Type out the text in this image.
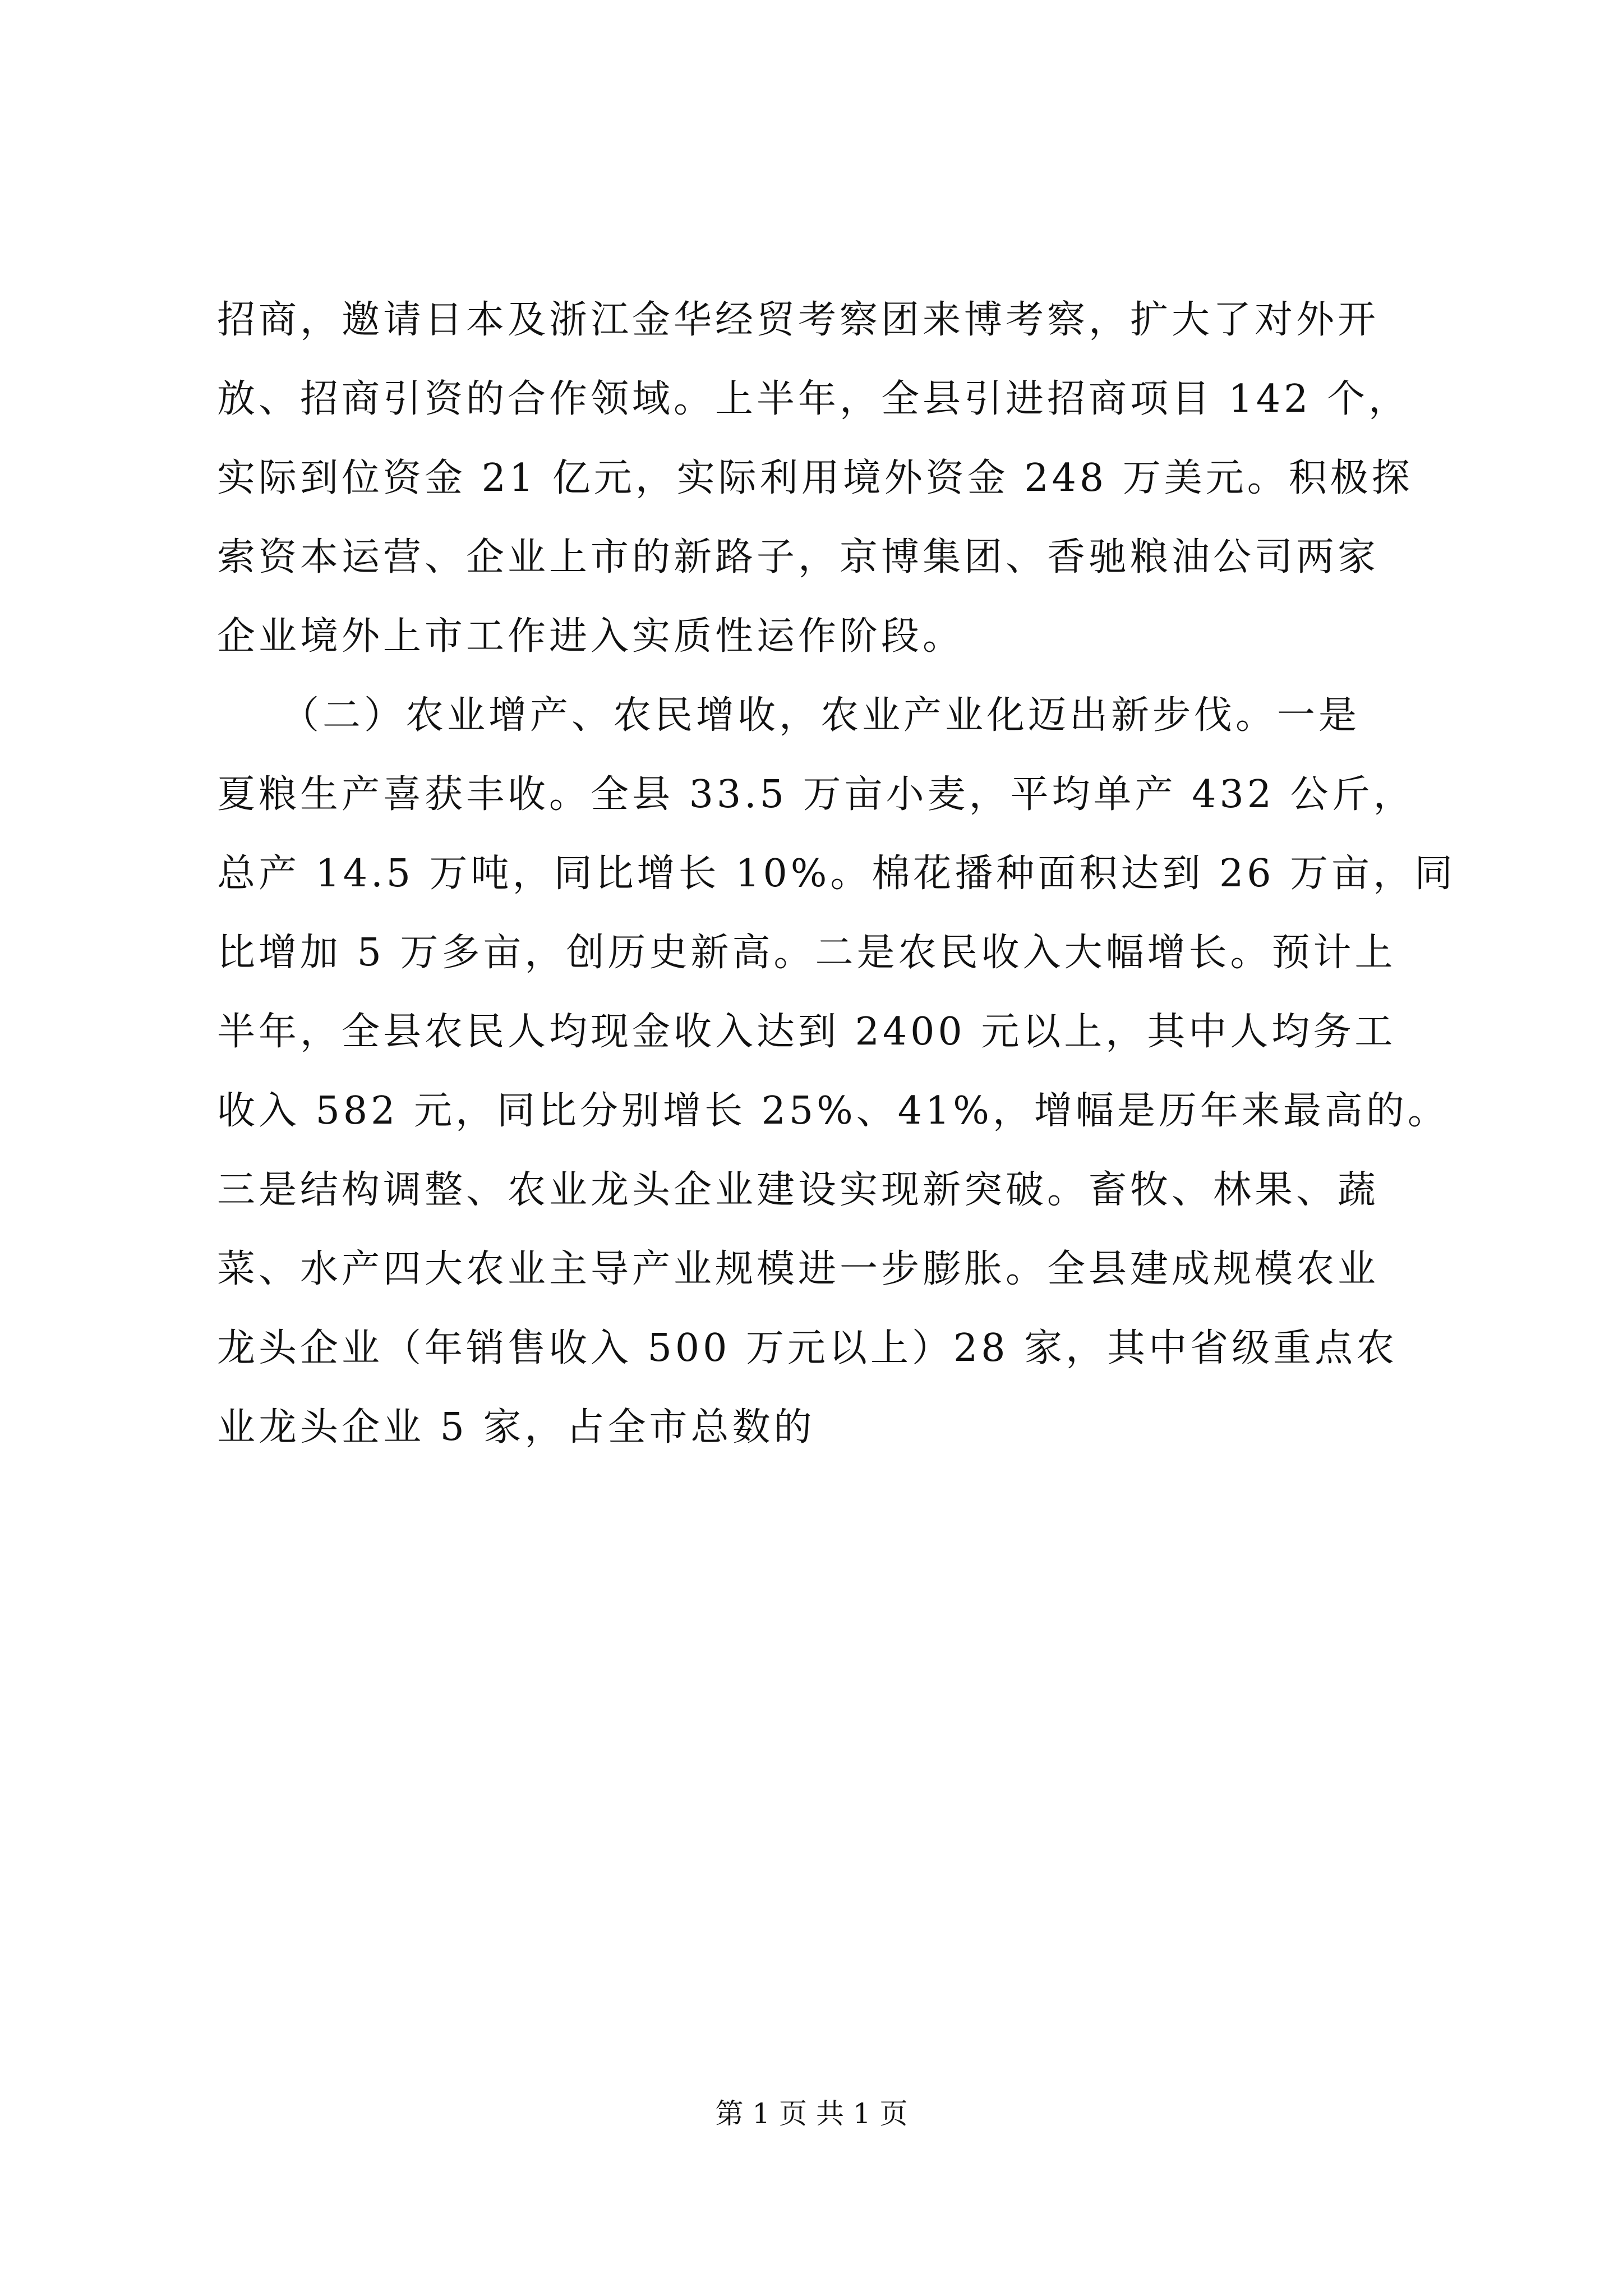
招商，邀请日本及浙江金华经贸考察团来博考察，扩大了对外开
放、招商引资的合作领域。上半年，全县引进招商项目 142 个，
实际到位资金 21 亿元，实际利用境外资金 248 万美元。积极探
索资本运营、企业上市的新路子，京博集团、香驰粮油公司两家
企业境外上市工作进入实质性运作阶段。
　　（二）农业增产、农民增收，农业产业化迈出新步伐。一是
夏粮生产喜获丰收。全县 33.5 万亩小麦，平均单产 432 公斤，
总产 14.5 万吨，同比增长 10%。棉花播种面积达到 26 万亩，同
比增加 5 万多亩，创历史新高。二是农民收入大幅增长。预计上
半年，全县农民人均现金收入达到 2400 元以上，其中人均务工
收入 582 元，同比分别增长 25%、41%，增幅是历年来最高的。
三是结构调整、农业龙头企业建设实现新突破。畜牧、林果、蔬
菜、水产四大农业主导产业规模进一步膨胀。全县建成规模农业
龙头企业（年销售收入 500 万元以上）28 家，其中省级重点农
业龙头企业 5 家，占全市总数的
第 1 页 共 1 页
